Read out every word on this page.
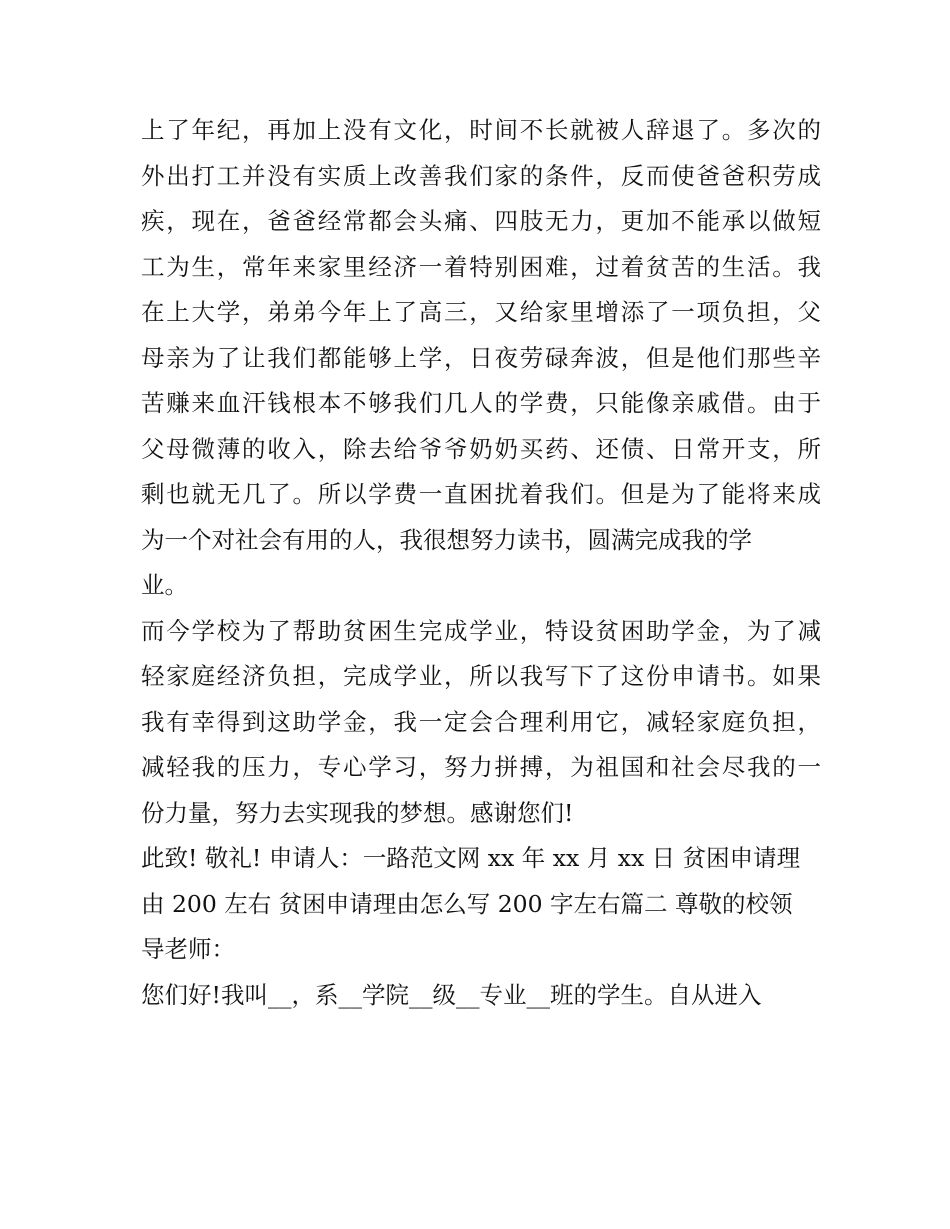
上了年纪，再加上没有文化，时间不长就被人辞退了。多次的

外出打工并没有实质上改善我们家的条件，反而使爸爸积劳成

疾，现在，爸爸经常都会头痛、四肢无力，更加不能承以做短

工为生，常年来家里经济一着特别困难，过着贫苦的生活。我

在上大学，弟弟今年上了高三，又给家里增添了一项负担，父

母亲为了让我们都能够上学，日夜劳碌奔波，但是他们那些辛

苦赚来血汗钱根本不够我们几人的学费，只能像亲戚借。由于

父母微薄的收入，除去给爷爷奶奶买药、还债、日常开支，所

剩也就无几了。所以学费一直困扰着我们。但是为了能将来成

为一个对社会有用的人，我很想努力读书，圆满完成我的学

业。

而今学校为了帮助贫困生完成学业，特设贫困助学金，为了减

轻家庭经济负担，完成学业，所以我写下了这份申请书。如果

我有幸得到这助学金，我一定会合理利用它，减轻家庭负担，

减轻我的压力，专心学习，努力拼搏，为祖国和社会尽我的一

份力量，努力去实现我的梦想。感谢您们!

此致! 敬礼! 申请人：一路范文网 xx 年 xx 月 xx 日 贫困申请理

由 200 左右 贫困申请理由怎么写 200 字左右篇二 尊敬的校领

导老师：

您们好!我叫__，系__学院__级__专业__班的学生。自从进入
